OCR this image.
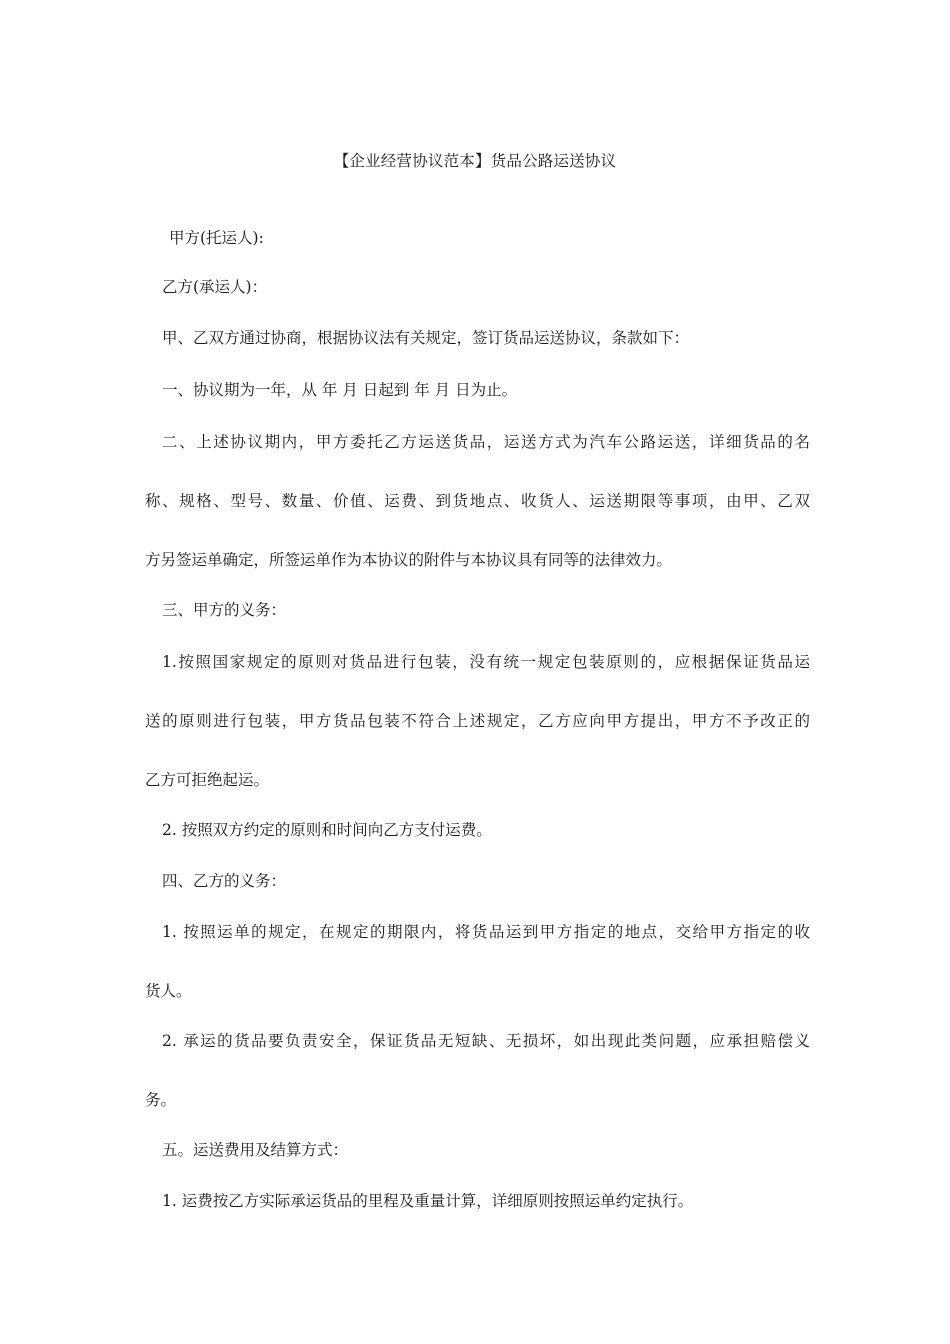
【企业经营协议范本】货品公路运送协议
甲方(托运人):
乙方(承运人)：
甲、乙双方通过协商，根据协议法有关规定，签订货品运送协议，条款如下：
一、协议期为一年，从 年 月 日起到 年 月 日为止。
二、上述协议期内，甲方委托乙方运送货品，运送方式为汽车公路运送，详细货品的名
称、规格、型号、数量、价值、运费、到货地点、收货人、运送期限等事项，由甲、乙双
方另签运单确定，所签运单作为本协议的附件与本协议具有同等的法律效力。
三、甲方的义务：
1.按照国家规定的原则对货品进行包装，没有统一规定包装原则的，应根据保证货品运
送的原则进行包装，甲方货品包装不符合上述规定，乙方应向甲方提出，甲方不予改正的
乙方可拒绝起运。
2. 按照双方约定的原则和时间向乙方支付运费。
四、乙方的义务：
1. 按照运单的规定，在规定的期限内，将货品运到甲方指定的地点，交给甲方指定的收
货人。
2. 承运的货品要负责安全，保证货品无短缺、无损坏，如出现此类问题，应承担赔偿义
务。
五。运送费用及结算方式：
1. 运费按乙方实际承运货品的里程及重量计算，详细原则按照运单约定执行。
